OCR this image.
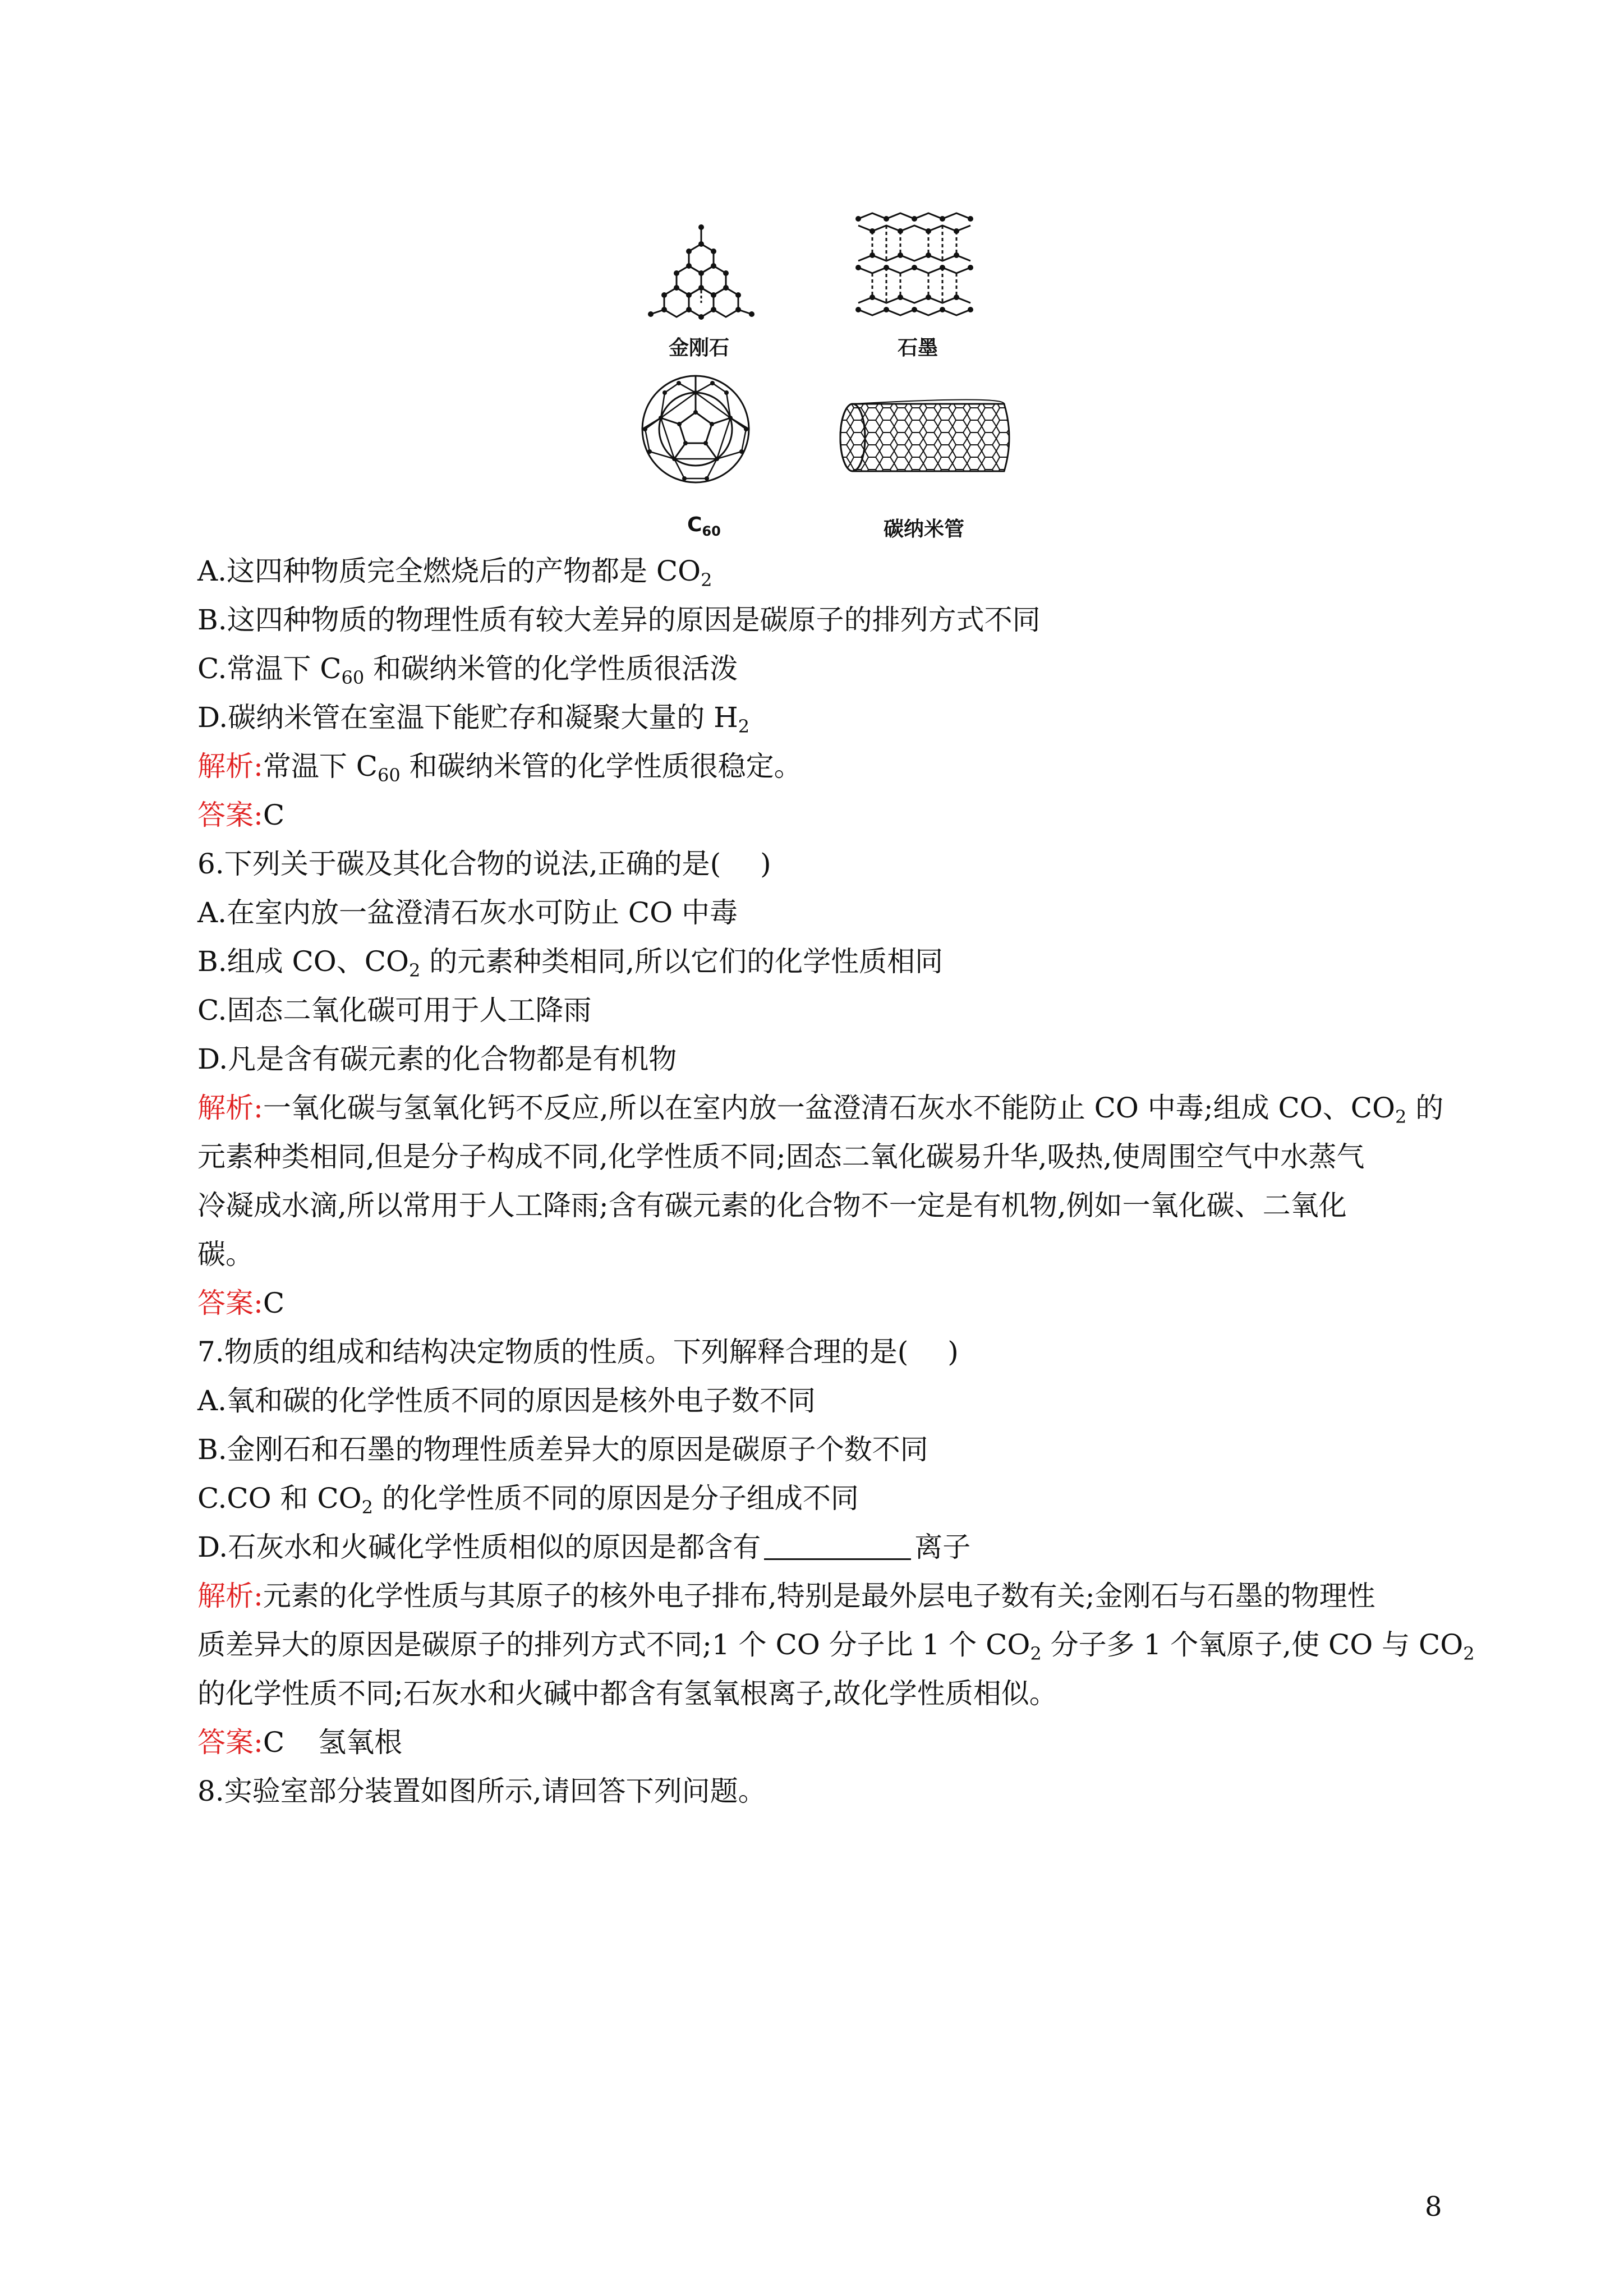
金刚石	石墨
$C_{60}$	碳纳米管
A.这四种物质完全燃烧后的产物都是 $CO_2$
B.这四种物质的物理性质有较大差异的原因是碳原子的排列方式不同
C.常温下 $C_{60}$ 和碳纳米管的化学性质很活泼
D.碳纳米管在室温下能贮存和凝聚大量的 $H_2$
解析:常温下 $C_{60}$ 和碳纳米管的化学性质很稳定。
答案:C
6.下列关于碳及其化合物的说法,正确的是( )
A.在室内放一盆澄清石灰水可防止 CO 中毒
B.组成 CO、$CO_2$ 的元素种类相同,所以它们的化学性质相同
C.固态二氧化碳可用于人工降雨
D.凡是含有碳元素的化合物都是有机物
解析:一氧化碳与氢氧化钙不反应,所以在室内放一盆澄清石灰水不能防止 CO 中毒;组成 CO、$CO_2$ 的
元素种类相同,但是分子构成不同,化学性质不同;固态二氧化碳易升华,吸热,使周围空气中水蒸气
冷凝成水滴,所以常用于人工降雨;含有碳元素的化合物不一定是有机物,例如一氧化碳、二氧化
碳。
答案:C
7.物质的组成和结构决定物质的性质。下列解释合理的是( )
A.氧和碳的化学性质不同的原因是核外电子数不同
B.金刚石和石墨的物理性质差异大的原因是碳原子个数不同
C.CO 和 $CO_2$ 的化学性质不同的原因是分子组成不同
D.石灰水和火碱化学性质相似的原因是都含有	离子
解析:元素的化学性质与其原子的核外电子排布,特别是最外层电子数有关;金刚石与石墨的物理性
质差异大的原因是碳原子的排列方式不同;1 个 CO 分子比 1 个 $CO_2$ 分子多 1 个氧原子,使 CO 与 $CO_2$
的化学性质不同;石灰水和火碱中都含有氢氧根离子,故化学性质相似。
答案:C 氢氧根
8.实验室部分装置如图所示,请回答下列问题。
8
